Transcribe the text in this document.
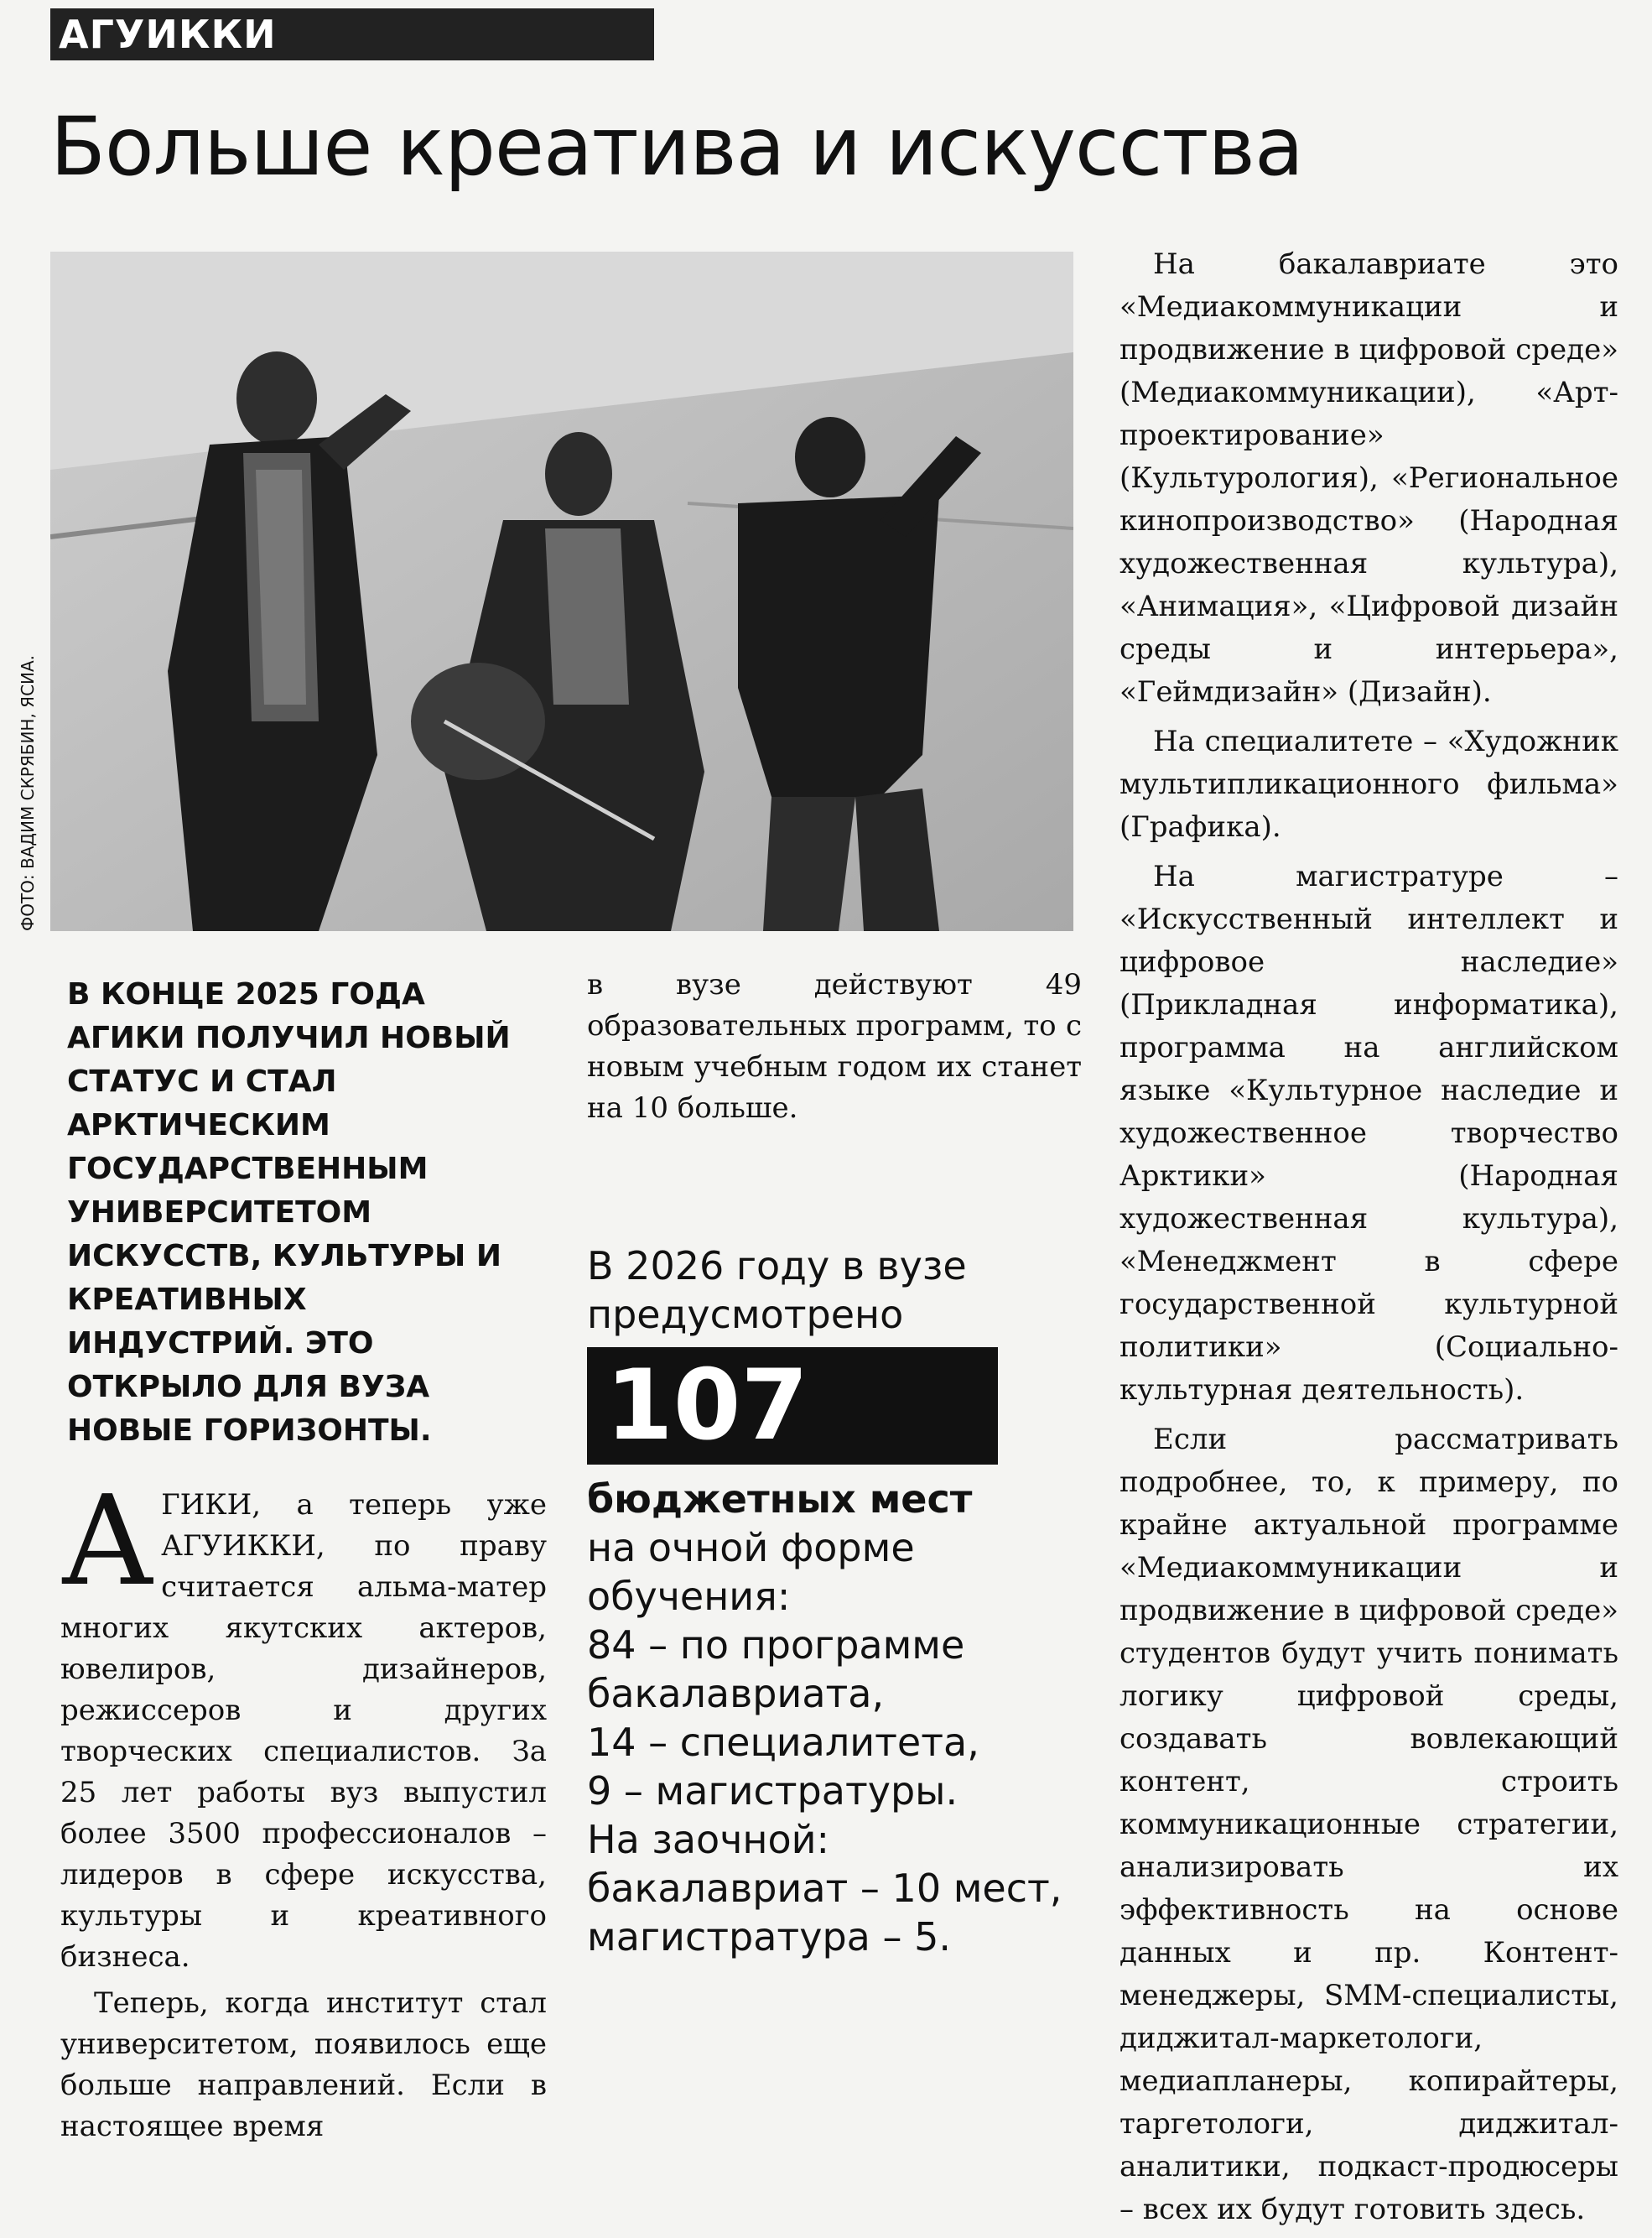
АГУИККИ
Больше креатива и искусства
ФОТО: ВАДИМ СКРЯБИН, ЯСИА.

В КОНЦЕ 2025 ГОДА АГИКИ ПОЛУЧИЛ НОВЫЙ СТАТУС И СТАЛ АРКТИЧЕСКИМ ГОСУДАРСТВЕННЫМ УНИВЕРСИТЕТОМ ИСКУССТВ, КУЛЬТУРЫ И КРЕАТИВНЫХ ИНДУСТРИЙ. ЭТО ОТКРЫЛО ДЛЯ ВУЗА НОВЫЕ ГОРИЗОНТЫ.

АГИКИ, а теперь уже АГУИККИ, по праву считается альма-матер многих якутских актеров, ювелиров, дизайнеров, режиссеров и других творческих специалистов. За 25 лет работы вуз выпустил более 3500 профессионалов – лидеров в сфере искусства, культуры и креативного бизнеса.

Теперь, когда институт стал университетом, появилось еще больше направлений. Если в настоящее время

в вузе действуют 49 образовательных программ, то с новым учебным годом их станет на 10 больше.

В 2026 году в вузе предусмотрено

107

бюджетных мест

на очной форме обучения:

84 – по программе бакалавриата,

14 – специалитета,

9 – магистратуры.

На заочной: бакалавриат – 10 мест,

магистратура – 5.

На бакалавриате это «Медиакоммуникации и продвижение в цифровой среде» (Медиакоммуникации), «Арт-проектирование» (Культурология), «Региональное кинопроизводство» (Народная художественная культура), «Анимация», «Цифровой дизайн среды и интерьера», «Геймдизайн» (Дизайн).

На специалитете – «Художник мультипликационного фильма» (Графика).

На магистратуре – «Искусственный интеллект и цифровое наследие» (Прикладная информатика), программа на английском языке «Культурное наследие и художественное творчество Арктики» (Народная художественная культура), «Менеджмент в сфере государственной культурной политики» (Социально-культурная деятельность).

Если рассматривать подробнее, то, к примеру, по крайне актуальной программе «Медиакоммуникации и продвижение в цифровой среде» студентов будут учить понимать логику цифровой среды, создавать вовлекающий контент, строить коммуникационные стратегии, анализировать их эффективность на основе данных и пр. Контент-менеджеры, SMM-специалисты, диджитал-маркетологи, медиапланеры, копирайтеры, таргетологи, диджитал-аналитики, подкаст-продюсеры – всех их будут готовить здесь.
